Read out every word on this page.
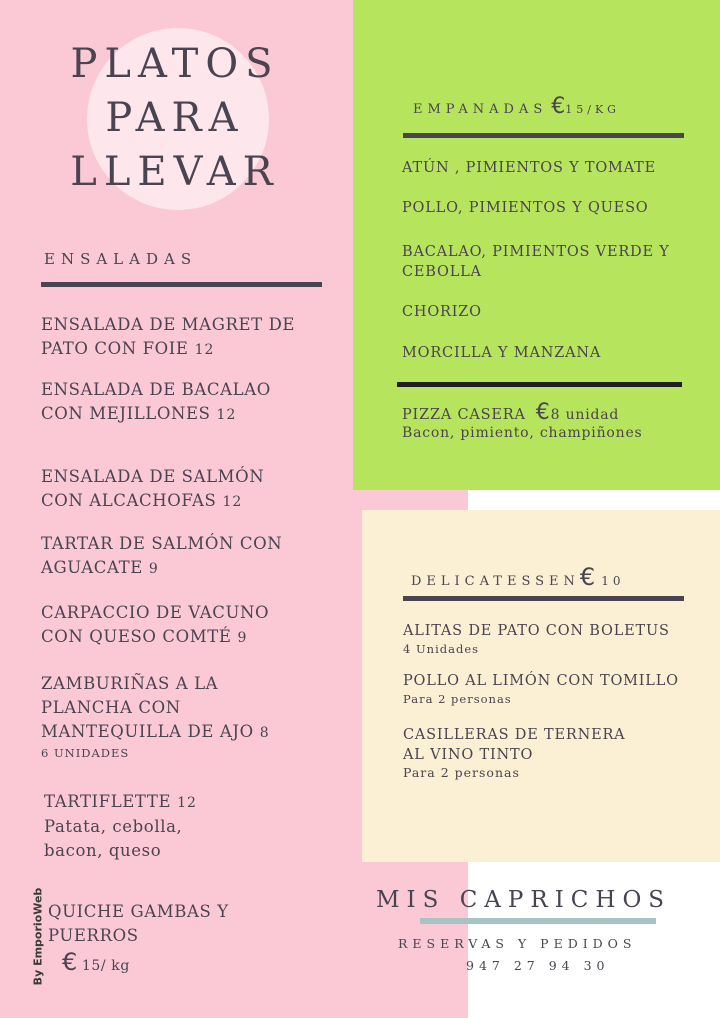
PLATOS
PARA
LLEVAR
ENSALADAS
ENSALADA DE MAGRET DE
PATO CON FOIE 12
ENSALADA DE BACALAO
CON MEJILLONES 12
ENSALADA DE SALMÓN
CON ALCACHOFAS 12
TARTAR DE SALMÓN CON
AGUACATE 9
CARPACCIO DE VACUNO
CON QUESO COMTÉ 9
ZAMBURIÑAS A LA
PLANCHA CON
MANTEQUILLA DE AJO 8
6 UNIDADES
TARTIFLETTE 12
Patata, cebolla,
bacon, queso
QUICHE GAMBAS Y
PUERROS
€ 15/ kg
By EmporioWeb
EMPANADAS €15/KG
ATÚN , PIMIENTOS Y TOMATE
POLLO, PIMIENTOS Y QUESO
BACALAO, PIMIENTOS VERDE Y
CEBOLLA
CHORIZO
MORCILLA Y MANZANA
PIZZA CASERA €8 unidad
Bacon, pimiento, champiñones
DELICATESSEN€ 10
ALITAS DE PATO CON BOLETUS
4 Unidades
POLLO AL LIMÓN CON TOMILLO
Para 2 personas
CASILLERAS DE TERNERA
AL VINO TINTO
Para 2 personas
MIS CAPRICHOS
RESERVAS Y PEDIDOS
947 27 94 30
